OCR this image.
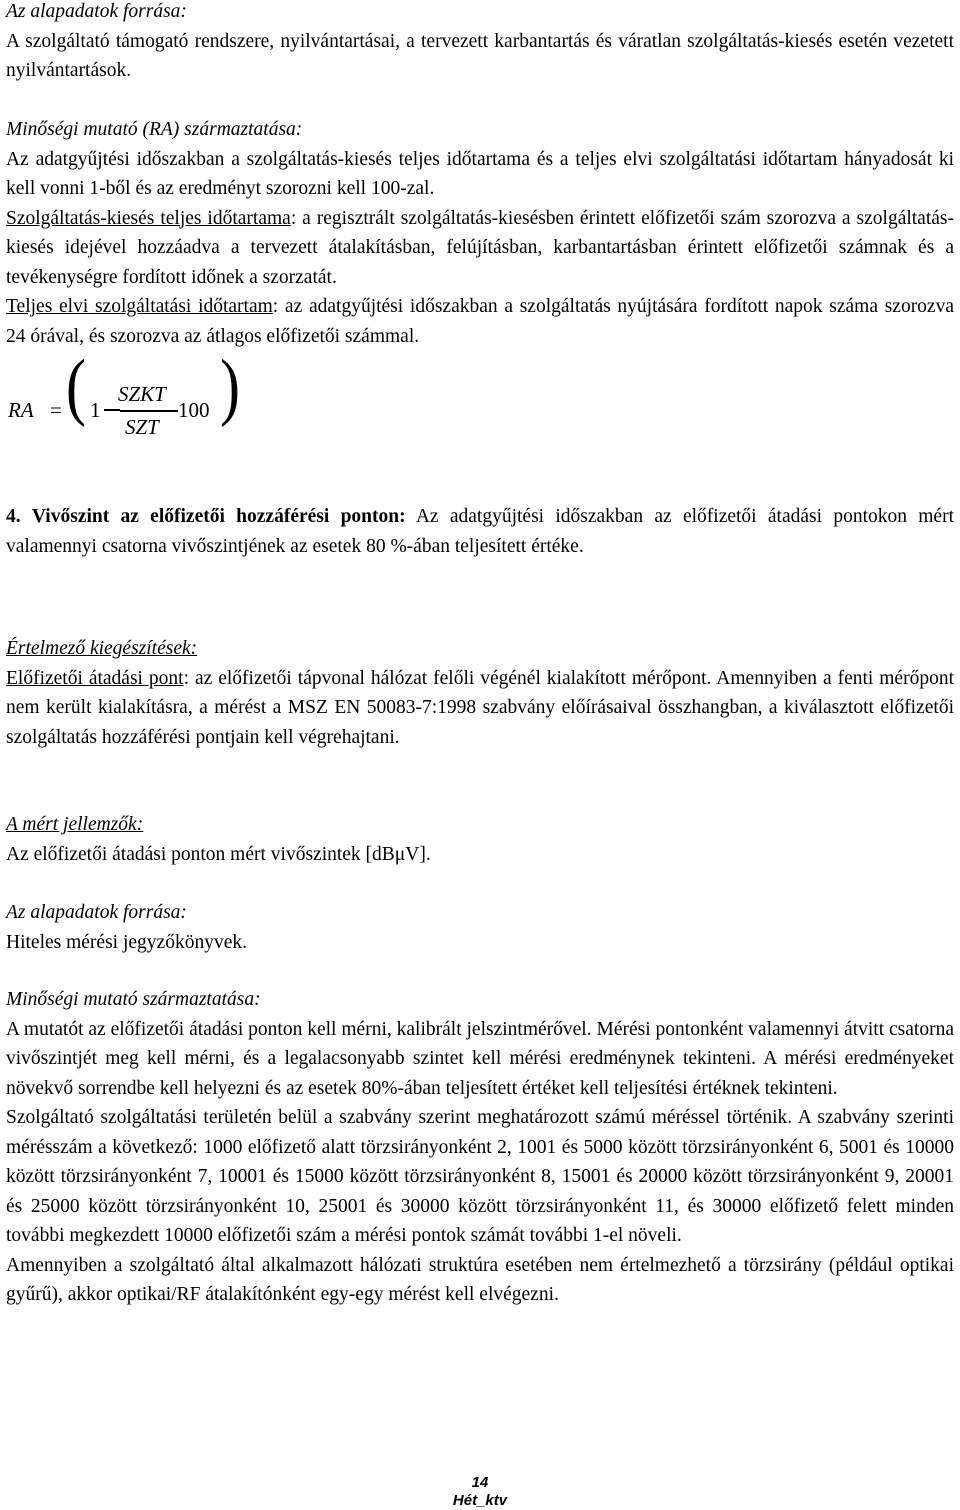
Az alapadatok forrása:

A szolgáltató támogató rendszere, nyilvántartásai, a tervezett karbantartás és váratlan szolgáltatás-kiesés esetén vezetett nyilvántartások.

Minőségi mutató (RA) származtatása:

Az adatgyűjtési időszakban a szolgáltatás-kiesés teljes időtartama és a teljes elvi szolgáltatási időtartam hányadosát ki kell vonni 1-ből és az eredményt szorozni kell 100-zal.

Szolgáltatás-kiesés teljes időtartama: a regisztrált szolgáltatás-kiesésben érintett előfizetői szám szorozva a szolgáltatás-kiesés idejével hozzáadva a tervezett átalakításban, felújításban, karbantartásban érintett előfizetői számnak és a tevékenységre fordított időnek a szorzatát.

Teljes elvi szolgáltatási időtartam: az adatgyűjtési időszakban a szolgáltatás nyújtására fordított napok száma szorozva 24 órával, és szorozva az átlagos előfizetői számmal.

RA = ( 1
SZKT
SZT
100 )

4. Vivőszint az előfizetői hozzáférési ponton: Az adatgyűjtési időszakban az előfizetői átadási pontokon mért valamennyi csatorna vivőszintjének az esetek 80 %-ában teljesített értéke.

Értelmező kiegészítések:

Előfizetői átadási pont: az előfizetői tápvonal hálózat felőli végénél kialakított mérőpont. Amennyiben a fenti mérőpont nem került kialakításra, a mérést a MSZ EN 50083-7:1998 szabvány előírásaival összhangban, a kiválasztott előfizetői szolgáltatás hozzáférési pontjain kell végrehajtani.

A mért jellemzők:

Az előfizetői átadási ponton mért vivőszintek [dBμV].

Az alapadatok forrása:

Hiteles mérési jegyzőkönyvek.

Minőségi mutató származtatása:

A mutatót az előfizetői átadási ponton kell mérni, kalibrált jelszintmérővel. Mérési pontonként valamennyi átvitt csatorna vivőszintjét meg kell mérni, és a legalacsonyabb szintet kell mérési eredménynek tekinteni. A mérési eredményeket növekvő sorrendbe kell helyezni és az esetek 80%-ában teljesített értéket kell teljesítési értéknek tekinteni.

Szolgáltató szolgáltatási területén belül a szabvány szerint meghatározott számú méréssel történik. A szabvány szerinti mérésszám a következő: 1000 előfizető alatt törzsirányonként 2, 1001 és 5000 között törzsirányonként 6, 5001 és 10000 között törzsirányonként 7, 10001 és 15000 között törzsirányonként 8, 15001 és 20000 között törzsirányonként 9, 20001 és 25000 között törzsirányonként 10, 25001 és 30000 között törzsirányonként 11, és 30000 előfizető felett minden további megkezdett 10000 előfizetői szám a mérési pontok számát további 1-el növeli.

Amennyiben a szolgáltató által alkalmazott hálózati struktúra esetében nem értelmezhető a törzsirány (például optikai gyűrű), akkor optikai/RF átalakítónként egy-egy mérést kell elvégezni.

14
Hét_ktv
